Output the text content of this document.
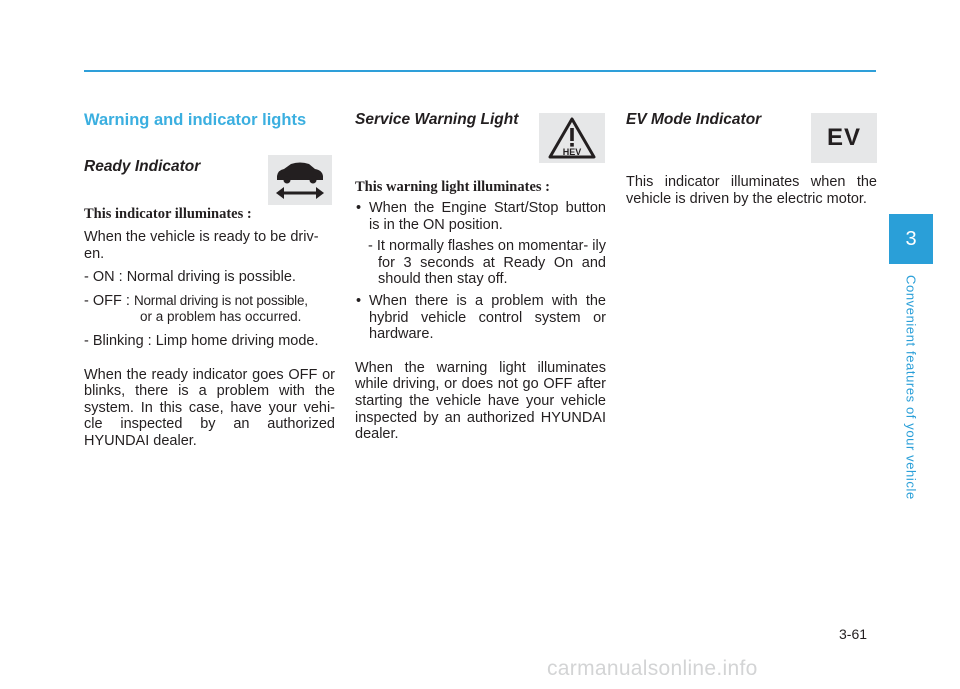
Warning and indicator lights
Ready Indicator
This indicator illuminates :

When the vehicle is ready to be driv-
en.

- ON : Normal driving is possible.
- OFF : Normal driving is not possible,
or a problem has occurred.
- Blinking : Limp home driving mode.

When the ready indicator goes OFF or blinks, there is a problem with the system. In this case, have your vehi- cle inspected by an authorized HYUNDAI dealer.

Service Warning Light
This warning light illuminates :
• When the Engine Start/Stop button is in the ON position.
- It normally flashes on momentar- ily for 3 seconds at Ready On and should then stay off.
• When there is a problem with the hybrid vehicle control system or hardware.

When the warning light illuminates while driving, or does not go OFF after starting the vehicle have your vehicle inspected by an authorized HYUNDAI dealer.

HEV
EV Mode Indicator

This indicator illuminates when the vehicle is driven by the electric motor.

EV
3
Convenient features of your vehicle
3-61
carmanualsonline.info
